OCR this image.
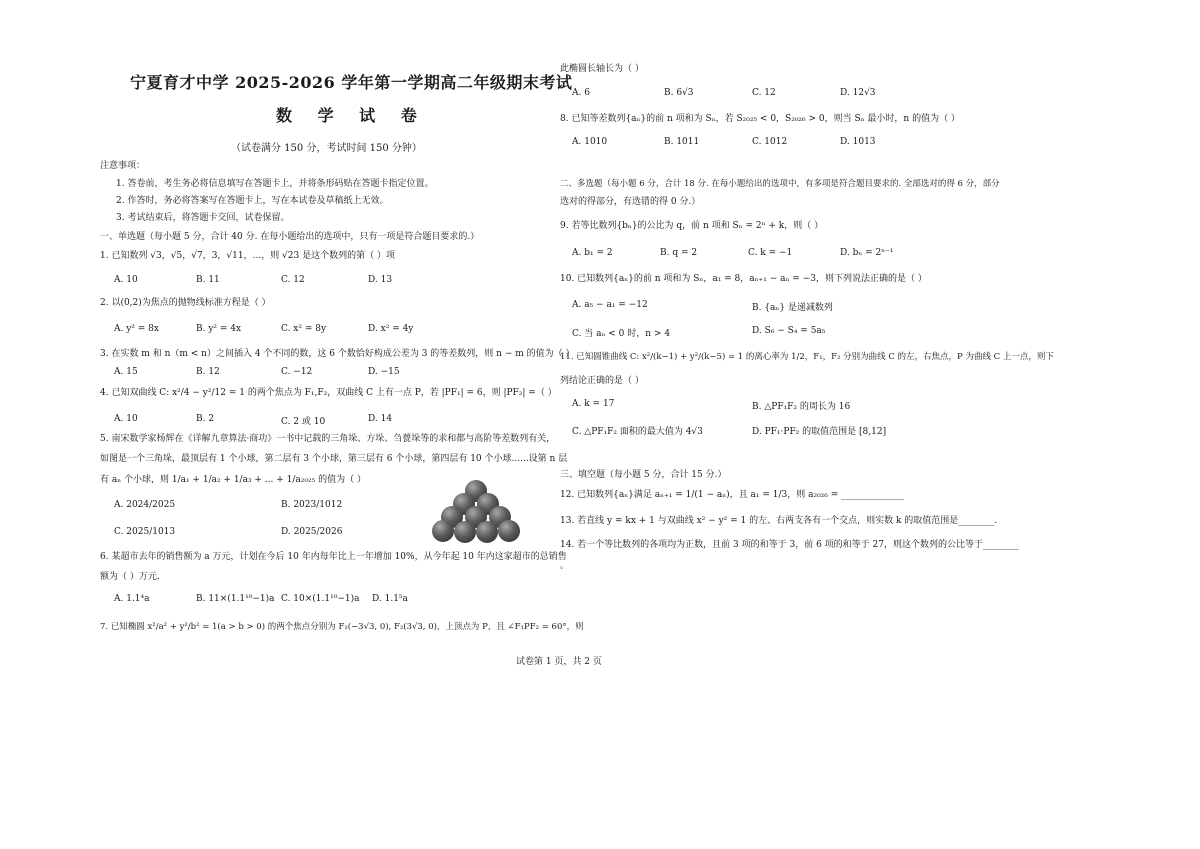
宁夏育才中学 2025-2026 学年第一学期高二年级期末考试
数 学 试 卷
（试卷满分 150 分，考试时间 150 分钟）
注意事项：
1. 答卷前，考生务必将信息填写在答题卡上，并将条形码贴在答题卡指定位置。
2. 作答时，务必将答案写在答题卡上，写在本试卷及草稿纸上无效。
3. 考试结束后，将答题卡交回，试卷保留。
一、单选题（每小题 5 分，合计 40 分. 在每小题给出的选项中，只有一项是符合题目要求的.）
1. 已知数列 √3，√5，√7，3，√11，...，则 √23 是这个数列的第（ ）项
A. 10	B. 11	C. 12	D. 13
2. 以(0,2)为焦点的抛物线标准方程是（ ）
A. y² = 8x	B. y² = 4x	C. x² = 8y	D. x² = 4y
3. 在实数 m 和 n（m < n）之间插入 4 个不同的数，这 6 个数恰好构成公差为 3 的等差数列，则 n − m 的值为（ ）
A. 15	B. 12	C. −12	D. −15
4. 已知双曲线 C: x²/4 − y²/12 = 1 的两个焦点为 F₁,F₂，双曲线 C 上有一点 P，若 |PF₁| = 6，则 |PF₂| =（ ）
A. 10	B. 2	C. 2 或 10	D. 14
5. 南宋数学家杨辉在《详解九章算法·商功》一书中记载的三角垛、方垛、刍甍垛等的求和都与高阶等差数列有关，
如图是一个三角垛，最顶层有 1 个小球，第二层有 3 个小球，第三层有 6 个小球，第四层有 10 个小球......设第 n 层
有 aₙ 个小球，则 1/a₁ + 1/a₂ + 1/a₃ + ... + 1/a₂₀₂₅ 的值为（ ）
A. 2024/2025	B. 2023/1012
C. 2025/1013	D. 2025/2026
6. 某超市去年的销售额为 a 万元，计划在今后 10 年内每年比上一年增加 10%，从今年起 10 年内这家超市的总销售
额为（ ）万元.
A. 1.1⁴a	B. 11×(1.1¹⁰−1)a C. 10×(1.1¹⁰−1)a D. 1.1⁵a
7. 已知椭圆 x²/a² + y²/b² = 1(a > b > 0) 的两个焦点分别为 F₁(−3√3, 0), F₂(3√3, 0)，上顶点为 P，且 ∠F₁PF₂ = 60°，则
此椭圆长轴长为（ ）
A. 6	B. 6√3	C. 12	D. 12√3
8. 已知等差数列{aₙ}的前 n 项和为 Sₙ，若 S₂₀₂₅ < 0，S₂₀₂₆ > 0，则当 Sₙ 最小时，n 的值为（ ）
A. 1010	B. 1011	C. 1012	D. 1013
二、多选题（每小题 6 分，合计 18 分. 在每小题给出的选项中，有多项是符合题目要求的. 全部选对的得 6 分，部分
选对的得部分，有选错的得 0 分.）
9. 若等比数列{bₙ}的公比为 q，前 n 项和 Sₙ = 2ⁿ + k，则（ ）
A. b₁ = 2	B. q = 2	C. k = −1	D. bₙ = 2ⁿ⁻¹
10. 已知数列{aₙ}的前 n 项和为 Sₙ，a₁ = 8，aₙ₊₁ − aₙ = −3，则下列说法正确的是（ ）
A. a₅ − a₁ = −12	B. {aₙ} 是递减数列
C. 当 aₙ < 0 时，n > 4	D. S₆ − S₄ = 5a₅
11. 已知圆锥曲线 C: x²/(k−1) + y²/(k−5) = 1 的离心率为 1/2，F₁，F₂ 分别为曲线 C 的左，右焦点，P 为曲线 C 上一点，则下
列结论正确的是（ ）
A. k = 17	B. △PF₁F₂ 的周长为 16
C. △PF₁F₂ 面积的最大值为 4√3	D. PF₁·PF₂ 的取值范围是 [8,12]
三、填空题（每小题 5 分，合计 15 分.）
12. 已知数列{aₙ}满足 aₙ₊₁ = 1/(1 − aₙ)，且 a₁ = 1/3，则 a₂₀₂₆ = ______________
13. 若直线 y = kx + 1 与双曲线 x² − y² = 1 的左、右两支各有一个交点，则实数 k 的取值范围是________.
14. 若一个等比数列的各项均为正数，且前 3 项的和等于 3，前 6 项的和等于 27，则这个数列的公比等于________
。
试卷第 1 页，共 2 页
